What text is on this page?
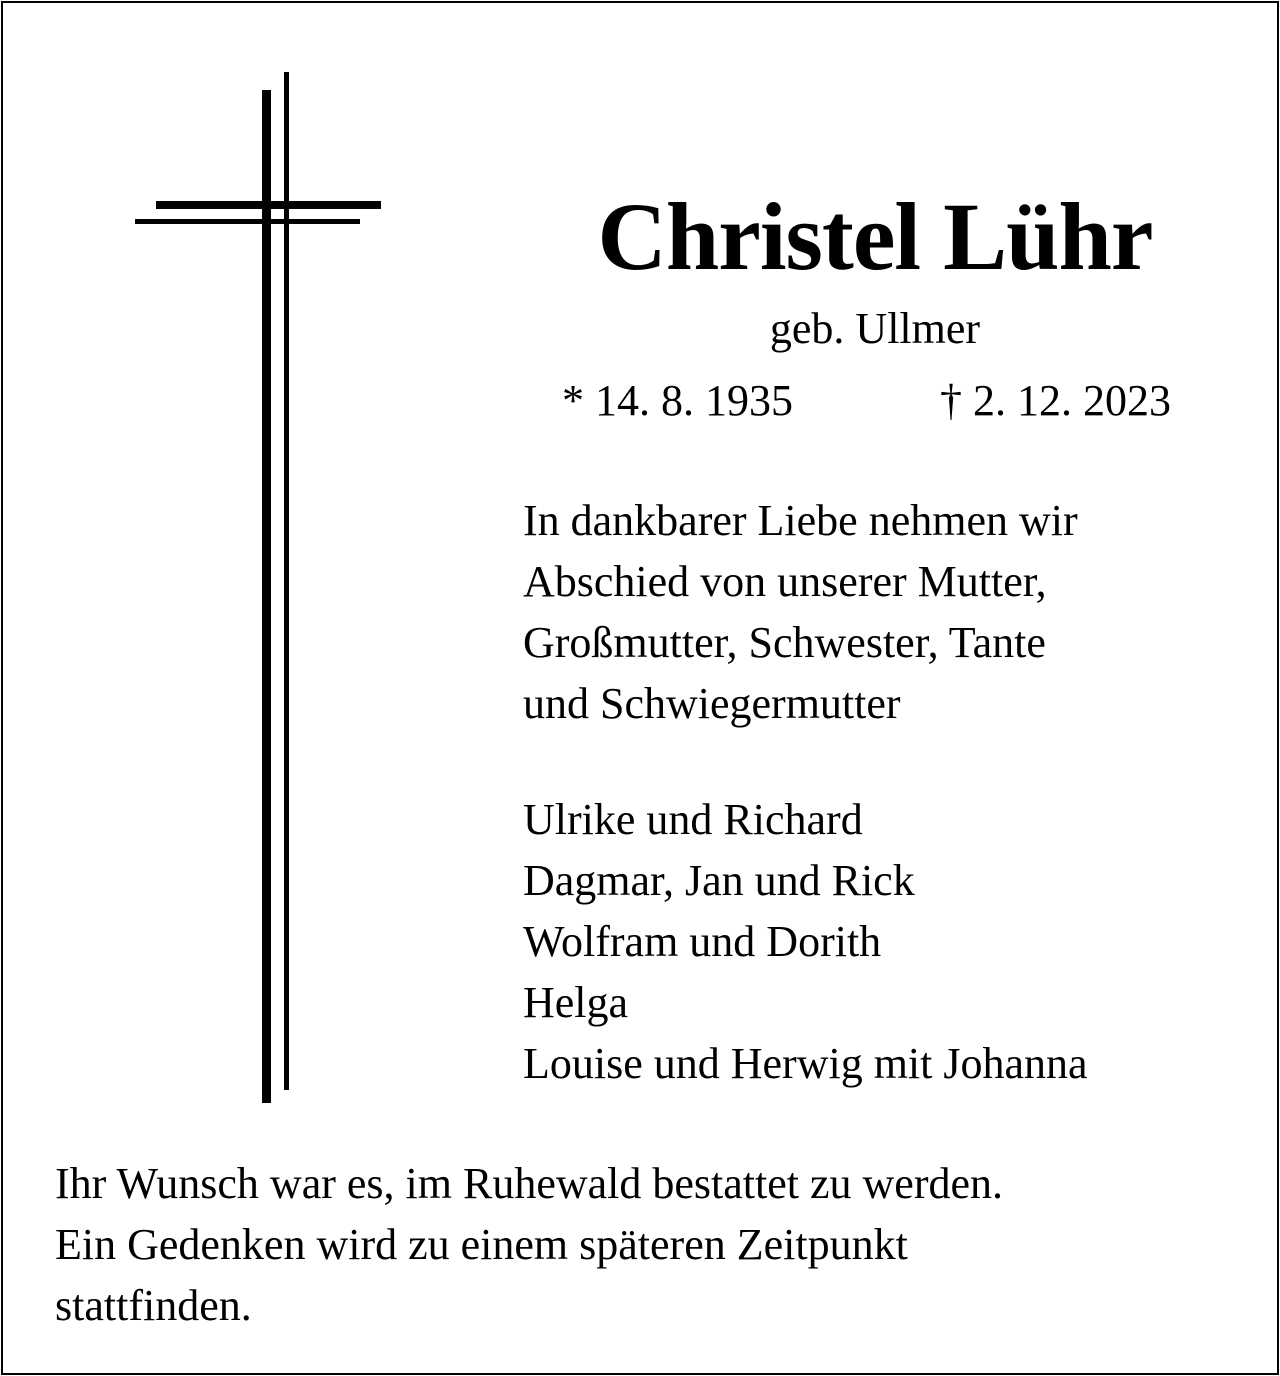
Christel Lühr
geb. Ullmer
* 14. 8. 1935	† 2. 12. 2023
In dankbarer Liebe nehmen wir
Abschied von unserer Mutter,
Großmutter, Schwester, Tante
und Schwiegermutter
Ulrike und Richard
Dagmar, Jan und Rick
Wolfram und Dorith
Helga
Louise und Herwig mit Johanna
Ihr Wunsch war es, im Ruhewald bestattet zu werden.
Ein Gedenken wird zu einem späteren Zeitpunkt
stattfinden.
